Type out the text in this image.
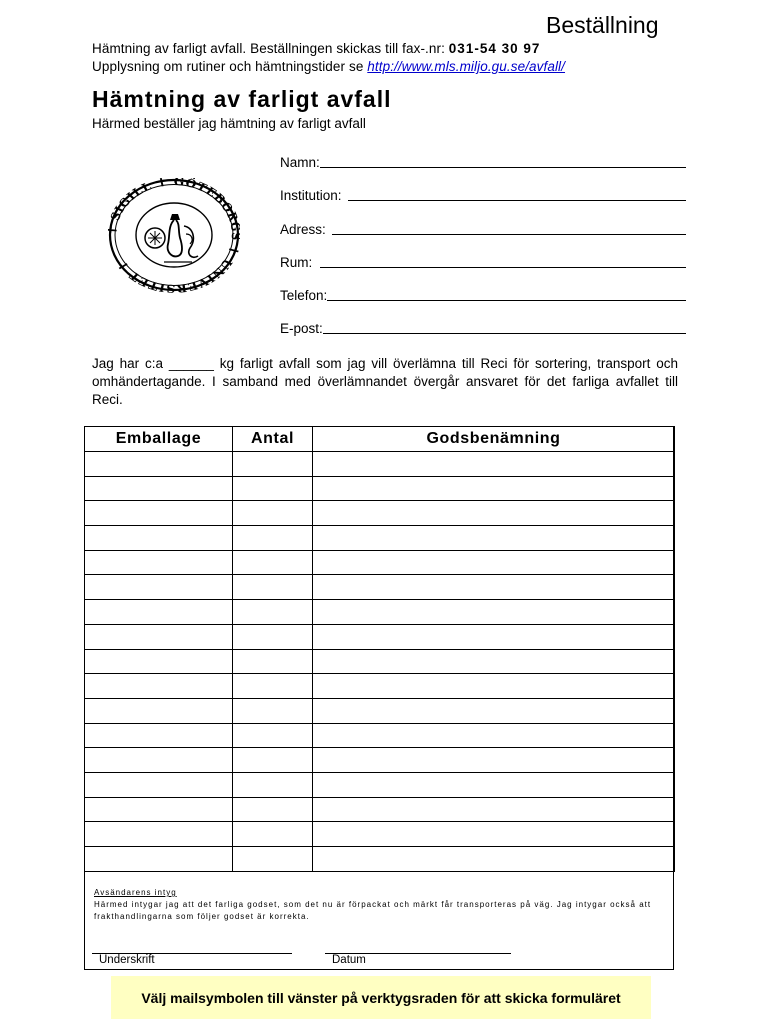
Beställning
Hämtning av farligt avfall. Beställningen skickas till fax-.nr: 031-54 30 97
Upplysning om rutiner och hämtningstider se http://www.mls.miljo.gu.se/avfall/
Hämtning av farligt avfall
Härmed beställer jag hämtning av farligt avfall
SIGILL ✝ GÖTEBOR UNIVERSITET ✝
Namn:
Institution:
Adress:
Rum:
Telefon:
E-post:

Jag har c:a ______ kg farligt avfall som jag vill överlämna till Reci för sortering, transport och omhändertagande. I samband med överlämnandet övergår ansvaret för det farliga avfallet till Reci.

Emballage	Antal	Godsbenämning

Avsändarens intyg
Härmed intygar jag att det farliga godset, som det nu är förpackat och märkt får transporteras på väg. Jag intygar också att frakthandlingarna som följer godset är korrekta.
Underskrift	Datum
Välj mailsymbolen till vänster på verktygsraden för att skicka formuläret
